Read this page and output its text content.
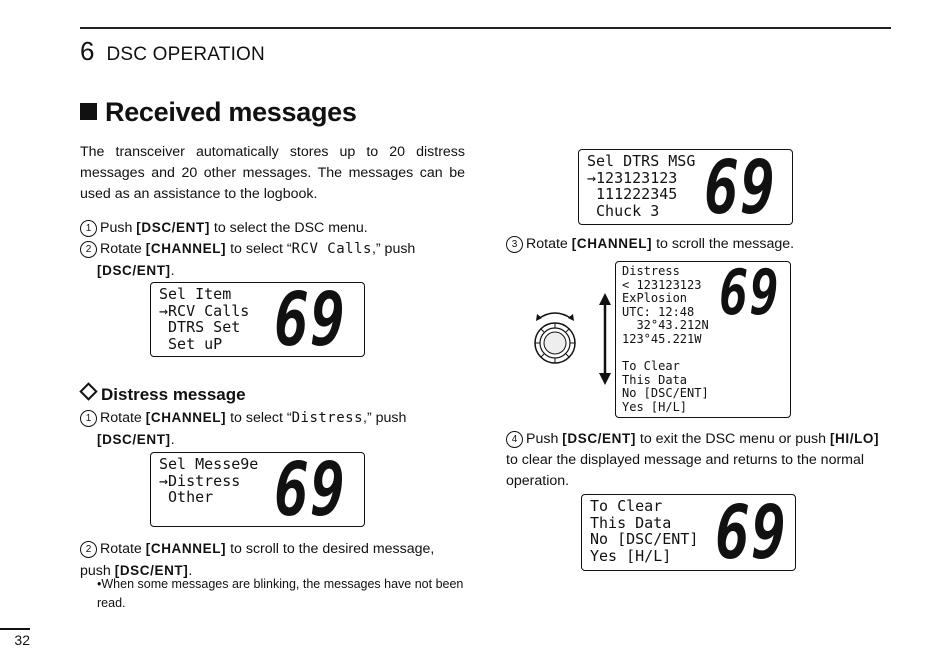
6 DSC OPERATION
Received messages
The transceiver automatically stores up to 20 distress messages and 20 other messages. The messages can be used as an assistance to the logbook.
1 Push [DSC/ENT] to select the DSC menu.
2 Rotate [CHANNEL] to select “RCV Calls,” push
[DSC/ENT].
Sel Item
→RCV Calls
DTRS Set
Set uP 69
Distress message
1 Rotate [CHANNEL] to select “Distress,” push
[DSC/ENT].
Sel Messe9e
→Distress
Other 69
2 Rotate [CHANNEL] to scroll to the desired message, push [DSC/ENT].
•When some messages are blinking, the messages have not been read.
Sel DTRS MSG
→123123123
111222345
Chuck 3 69
3 Rotate [CHANNEL] to scroll the message.
Distress
< 123123123
ExPlosion
UTC: 12:48
32°43.212N
123°45.221W
To Clear
This Data
No [DSC/ENT]
Yes [H/L]
69
4 Push [DSC/ENT] to exit the DSC menu or push [HI/LO] to clear the displayed message and returns to the normal operation.
To Clear
This Data
No [DSC/ENT]
Yes [H/L] 69
32
